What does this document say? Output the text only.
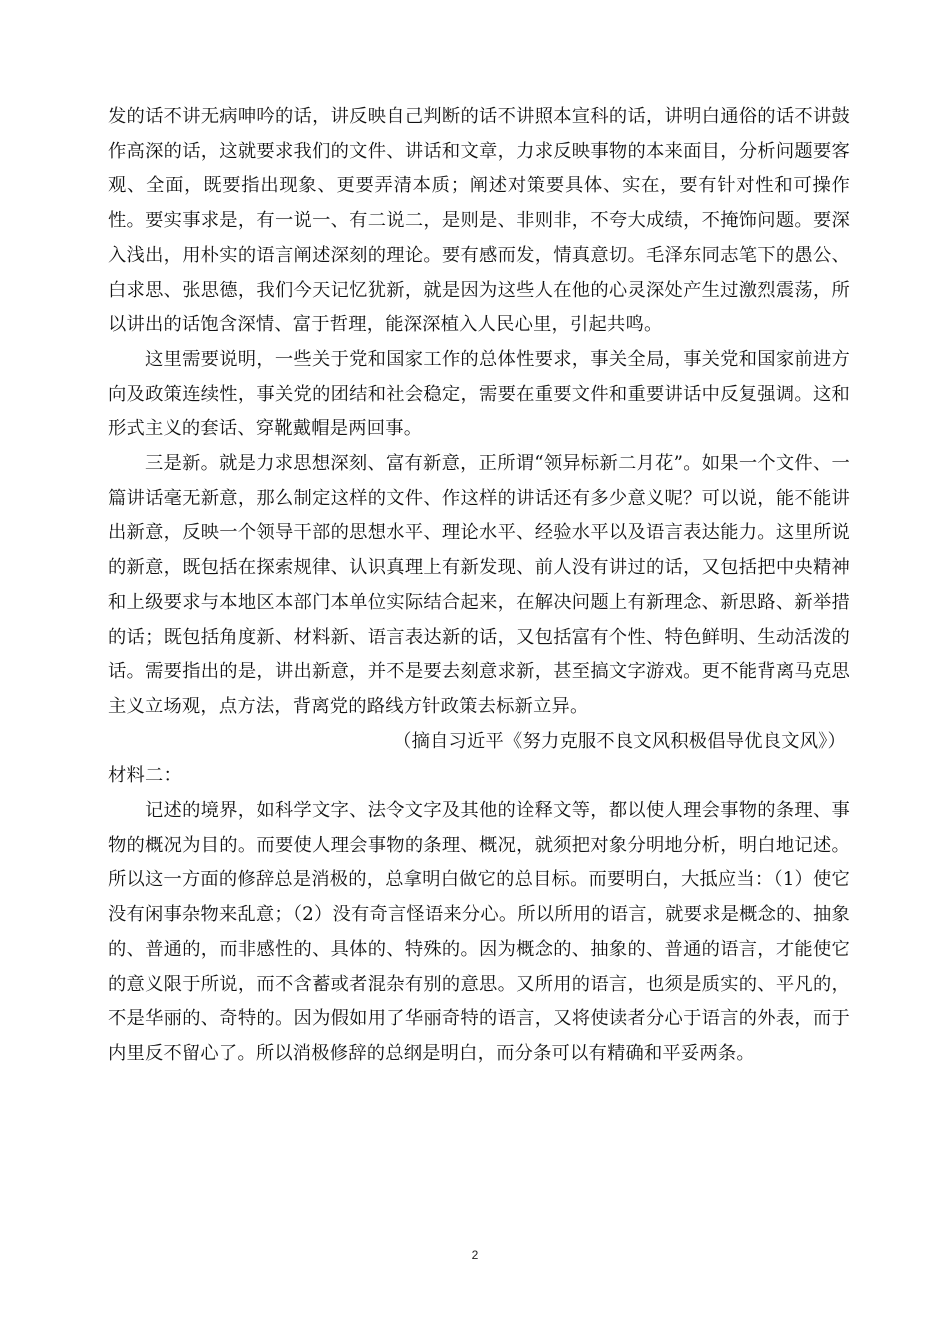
发的话不讲无病呻吟的话，讲反映自己判断的话不讲照本宣科的话，讲明白通俗的话不讲鼓作高深的话，这就要求我们的文件、讲话和文章，力求反映事物的本来面目，分析问题要客观、全面，既要指出现象、更要弄清本质；阐述对策要具体、实在，要有针对性和可操作性。要实事求是，有一说一、有二说二，是则是、非则非，不夸大成绩，不掩饰问题。要深入浅出，用朴实的语言阐述深刻的理论。要有感而发，情真意切。毛泽东同志笔下的愚公、白求思、张思德，我们今天记忆犹新，就是因为这些人在他的心灵深处产生过激烈震荡，所以讲出的话饱含深情、富于哲理，能深深植入人民心里，引起共鸣。

这里需要说明，一些关于党和国家工作的总体性要求，事关全局，事关党和国家前进方向及政策连续性，事关党的团结和社会稳定，需要在重要文件和重要讲话中反复强调。这和形式主义的套话、穿靴戴帽是两回事。

三是新。就是力求思想深刻、富有新意，正所谓“领异标新二月花”。如果一个文件、一篇讲话毫无新意，那么制定这样的文件、作这样的讲话还有多少意义呢？可以说，能不能讲出新意，反映一个领导干部的思想水平、理论水平、经验水平以及语言表达能力。这里所说的新意，既包括在探索规律、认识真理上有新发现、前人没有讲过的话，又包括把中央精神和上级要求与本地区本部门本单位实际结合起来，在解决问题上有新理念、新思路、新举措的话；既包括角度新、材料新、语言表达新的话，又包括富有个性、特色鲜明、生动活泼的话。需要指出的是，讲出新意，并不是要去刻意求新，甚至搞文字游戏。更不能背离马克思主义立场观，点方法，背离党的路线方针政策去标新立异。

（摘自习近平《努力克服不良文风积极倡导优良文风》）

材料二：

记述的境界，如科学文字、法令文字及其他的诠释文等，都以使人理会事物的条理、事物的概况为目的。而要使人理会事物的条理、概况，就须把对象分明地分析，明白地记述。所以这一方面的修辞总是消极的，总拿明白做它的总目标。而要明白，大抵应当：（1）使它没有闲事杂物来乱意；（2）没有奇言怪语来分心。所以所用的语言，就要求是概念的、抽象的、普通的，而非感性的、具体的、特殊的。因为概念的、抽象的、普通的语言，才能使它的意义限于所说，而不含蓄或者混杂有别的意思。又所用的语言，也须是质实的、平凡的，不是华丽的、奇特的。因为假如用了华丽奇特的语言，又将使读者分心于语言的外表，而于内里反不留心了。所以消极修辞的总纲是明白，而分条可以有精确和平妥两条。

2
